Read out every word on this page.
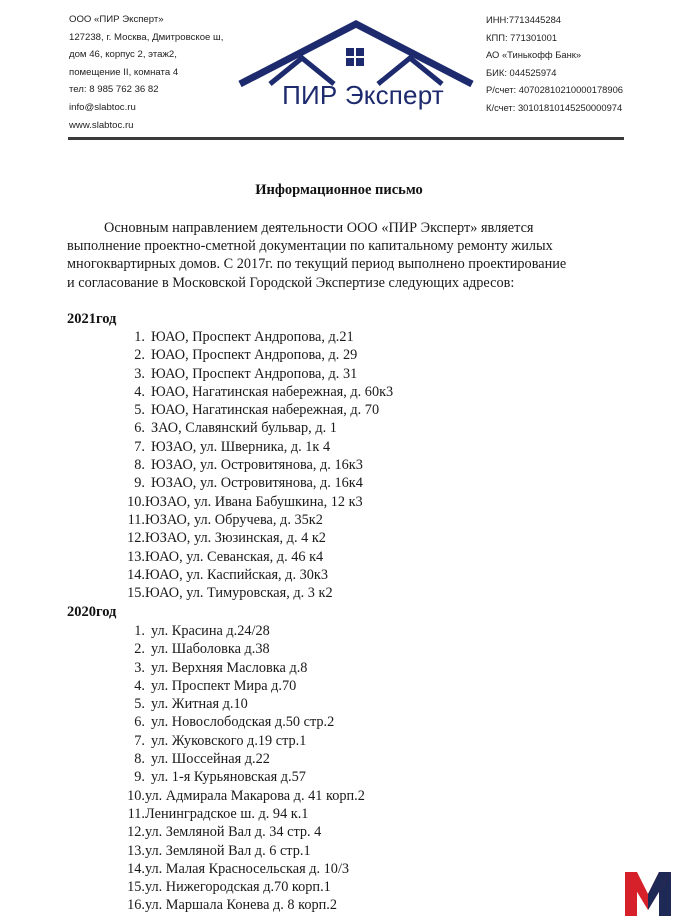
ООО «ПИР Эксперт»
127238, г. Москва, Дмитровское ш,
дом 46, корпус 2, этаж2,
помещение II, комната 4
тел: 8 985 762 36 82
info@slabtoc.ru
www.slabtoc.ru
ПИР Эксперт
ИНН:7713445284
КПП: 771301001
АО «Тинькофф Банк»
БИК: 044525974
Р/счет: 40702810210000178906
К/счет: 30101810145250000974
Информационное письмо
Основным направлением деятельности ООО «ПИР Эксперт» является
выполнение проектно-сметной документации по капитальному ремонту жилых
многоквартирных домов. С 2017г. по текущий период выполнено проектирование
и согласование в Московской Городской Экспертизе следующих адресов:
2021год
1. ЮАО, Проспект Андропова, д.21
2. ЮАО, Проспект Андропова, д. 29
3. ЮАО, Проспект Андропова, д. 31
4. ЮАО, Нагатинская набережная, д. 60к3
5. ЮАО, Нагатинская набережная, д. 70
6. ЗАО, Славянский бульвар, д. 1
7. ЮЗАО, ул. Шверника, д. 1к 4
8. ЮЗАО, ул. Островитянова, д. 16к3
9. ЮЗАО, ул. Островитянова, д. 16к4
10.ЮЗАО, ул. Ивана Бабушкина, 12 к3
11.ЮЗАО, ул. Обручева, д. 35к2
12.ЮЗАО, ул. Зюзинская, д. 4 к2
13.ЮАО, ул. Севанская, д. 46 к4
14.ЮАО, ул. Каспийская, д. 30к3
15.ЮАО, ул. Тимуровская, д. 3 к2
2020год
1. ул. Красина д.24/28
2. ул. Шаболовка д.38
3. ул. Верхняя Масловка д.8
4. ул. Проспект Мира д.70
5. ул. Житная д.10
6. ул. Новослободская д.50 стр.2
7. ул. Жуковского д.19 стр.1
8. ул. Шоссейная д.22
9. ул. 1-я Курьяновская д.57
10.ул. Адмирала Макарова д. 41 корп.2
11.Ленинградское ш. д. 94 к.1
12.ул. Земляной Вал д. 34 стр. 4
13.ул. Земляной Вал д. 6 стр.1
14.ул. Малая Красносельская д. 10/3
15.ул. Нижегородская д.70 корп.1
16.ул. Маршала Конева д. 8 корп.2
